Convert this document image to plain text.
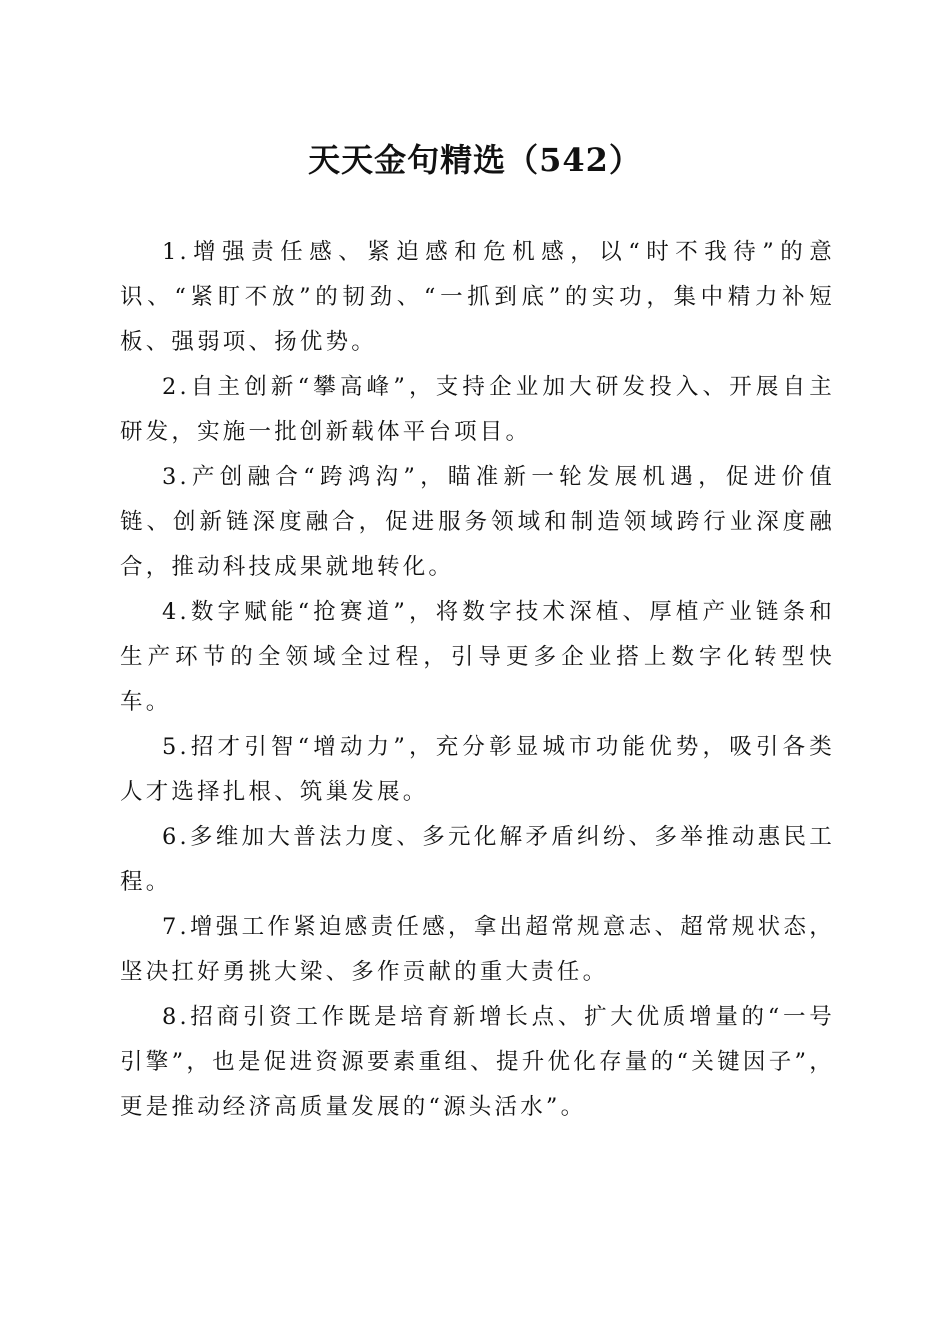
天天金句精选（542）

1.增强责任感、紧迫感和危机感，以“时不我待”的意识、“紧盯不放”的韧劲、“一抓到底”的实功，集中精力补短板、强弱项、扬优势。

2.自主创新“攀高峰”，支持企业加大研发投入、开展自主研发，实施一批创新载体平台项目。

3.产创融合“跨鸿沟”，瞄准新一轮发展机遇，促进价值链、创新链深度融合，促进服务领域和制造领域跨行业深度融合，推动科技成果就地转化。

4.数字赋能“抢赛道”，将数字技术深植、厚植产业链条和生产环节的全领域全过程，引导更多企业搭上数字化转型快车。

5.招才引智“增动力”，充分彰显城市功能优势，吸引各类人才选择扎根、筑巢发展。

6.多维加大普法力度、多元化解矛盾纠纷、多举推动惠民工程。

7.增强工作紧迫感责任感，拿出超常规意志、超常规状态，坚决扛好勇挑大梁、多作贡献的重大责任。

8.招商引资工作既是培育新增长点、扩大优质增量的“一号引擎”，也是促进资源要素重组、提升优化存量的“关键因子”，更是推动经济高质量发展的“源头活水”。
